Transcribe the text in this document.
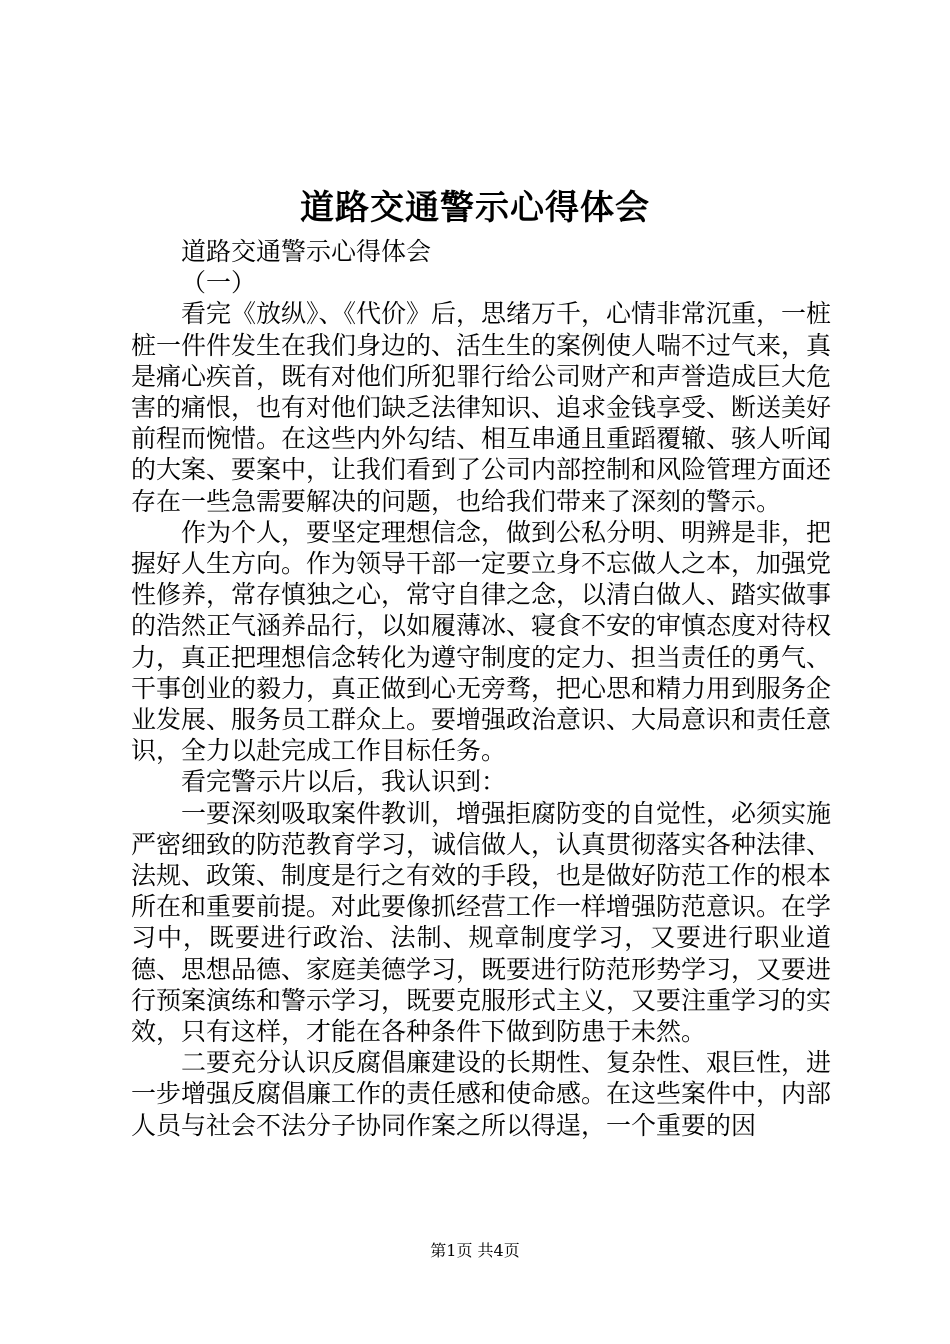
道路交通警示心得体会

道路交通警示心得体会

（一）

看完《放纵》、《代价》后，思绪万千，心情非常沉重，一桩桩一件件发生在我们身边的、活生生的案例使人喘不过气来，真是痛心疾首，既有对他们所犯罪行给公司财产和声誉造成巨大危害的痛恨，也有对他们缺乏法律知识、追求金钱享受、断送美好前程而惋惜。在这些内外勾结、相互串通且重蹈覆辙、骇人听闻的大案、要案中，让我们看到了公司内部控制和风险管理方面还存在一些急需要解决的问题，也给我们带来了深刻的警示。

作为个人，要坚定理想信念，做到公私分明、明辨是非，把握好人生方向。作为领导干部一定要立身不忘做人之本，加强党性修养，常存慎独之心，常守自律之念，以清白做人、踏实做事的浩然正气涵养品行，以如履薄冰、寝食不安的审慎态度对待权力，真正把理想信念转化为遵守制度的定力、担当责任的勇气、干事创业的毅力，真正做到心无旁骛，把心思和精力用到服务企业发展、服务员工群众上。要增强政治意识、大局意识和责任意识，全力以赴完成工作目标任务。

看完警示片以后，我认识到：

一要深刻吸取案件教训，增强拒腐防变的自觉性，必须实施严密细致的防范教育学习，诚信做人，认真贯彻落实各种法律、法规、政策、制度是行之有效的手段，也是做好防范工作的根本所在和重要前提。对此要像抓经营工作一样增强防范意识。在学习中，既要进行政治、法制、规章制度学习，又要进行职业道德、思想品德、家庭美德学习，既要进行防范形势学习，又要进行预案演练和警示学习，既要克服形式主义，又要注重学习的实效，只有这样，才能在各种条件下做到防患于未然。

二要充分认识反腐倡廉建设的长期性、复杂性、艰巨性，进一步增强反腐倡廉工作的责任感和使命感。在这些案件中，内部人员与社会不法分子协同作案之所以得逞，一个重要的因

第1页 共4页
